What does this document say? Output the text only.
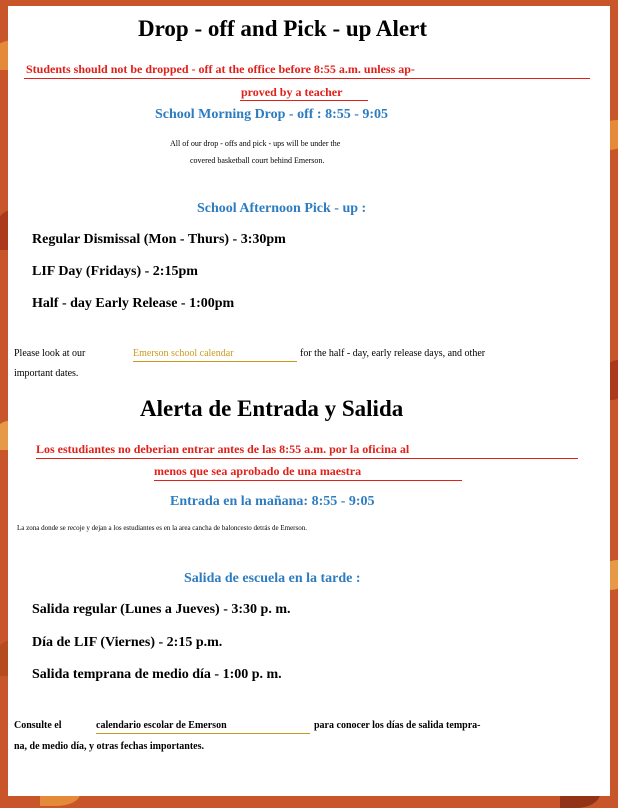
Drop - off and Pick - up Alert
Students should not be dropped - off at the office before 8:55 a.m. unless ap-
proved by a teacher
School Morning Drop - off : 8:55 - 9:05
All of our drop - offs and pick - ups will be under the
covered basketball court behind Emerson.
School Afternoon Pick - up :
Regular Dismissal (Mon - Thurs) - 3:30pm
LIF Day (Fridays) - 2:15pm
Half - day Early Release - 1:00pm
Please look at our	Emerson school calendar	for the half - day, early release days, and other
important dates.
Alerta de Entrada y Salida
Los estudiantes no deberian entrar antes de las 8:55 a.m. por la oficina al
menos que sea aprobado de una maestra
Entrada en la mañana: 8:55 - 9:05
La zona donde se recoje y dejan a los estudiantes es en la area cancha de baloncesto detrás de Emerson.
Salida de escuela en la tarde :
Salida regular (Lunes a Jueves) - 3:30 p. m.
Día de LIF (Viernes) - 2:15 p.m.
Salida temprana de medio día - 1:00 p. m.
Consulte el	calendario escolar de Emerson	para conocer los días de salida tempra-
na, de medio día, y otras fechas importantes.
